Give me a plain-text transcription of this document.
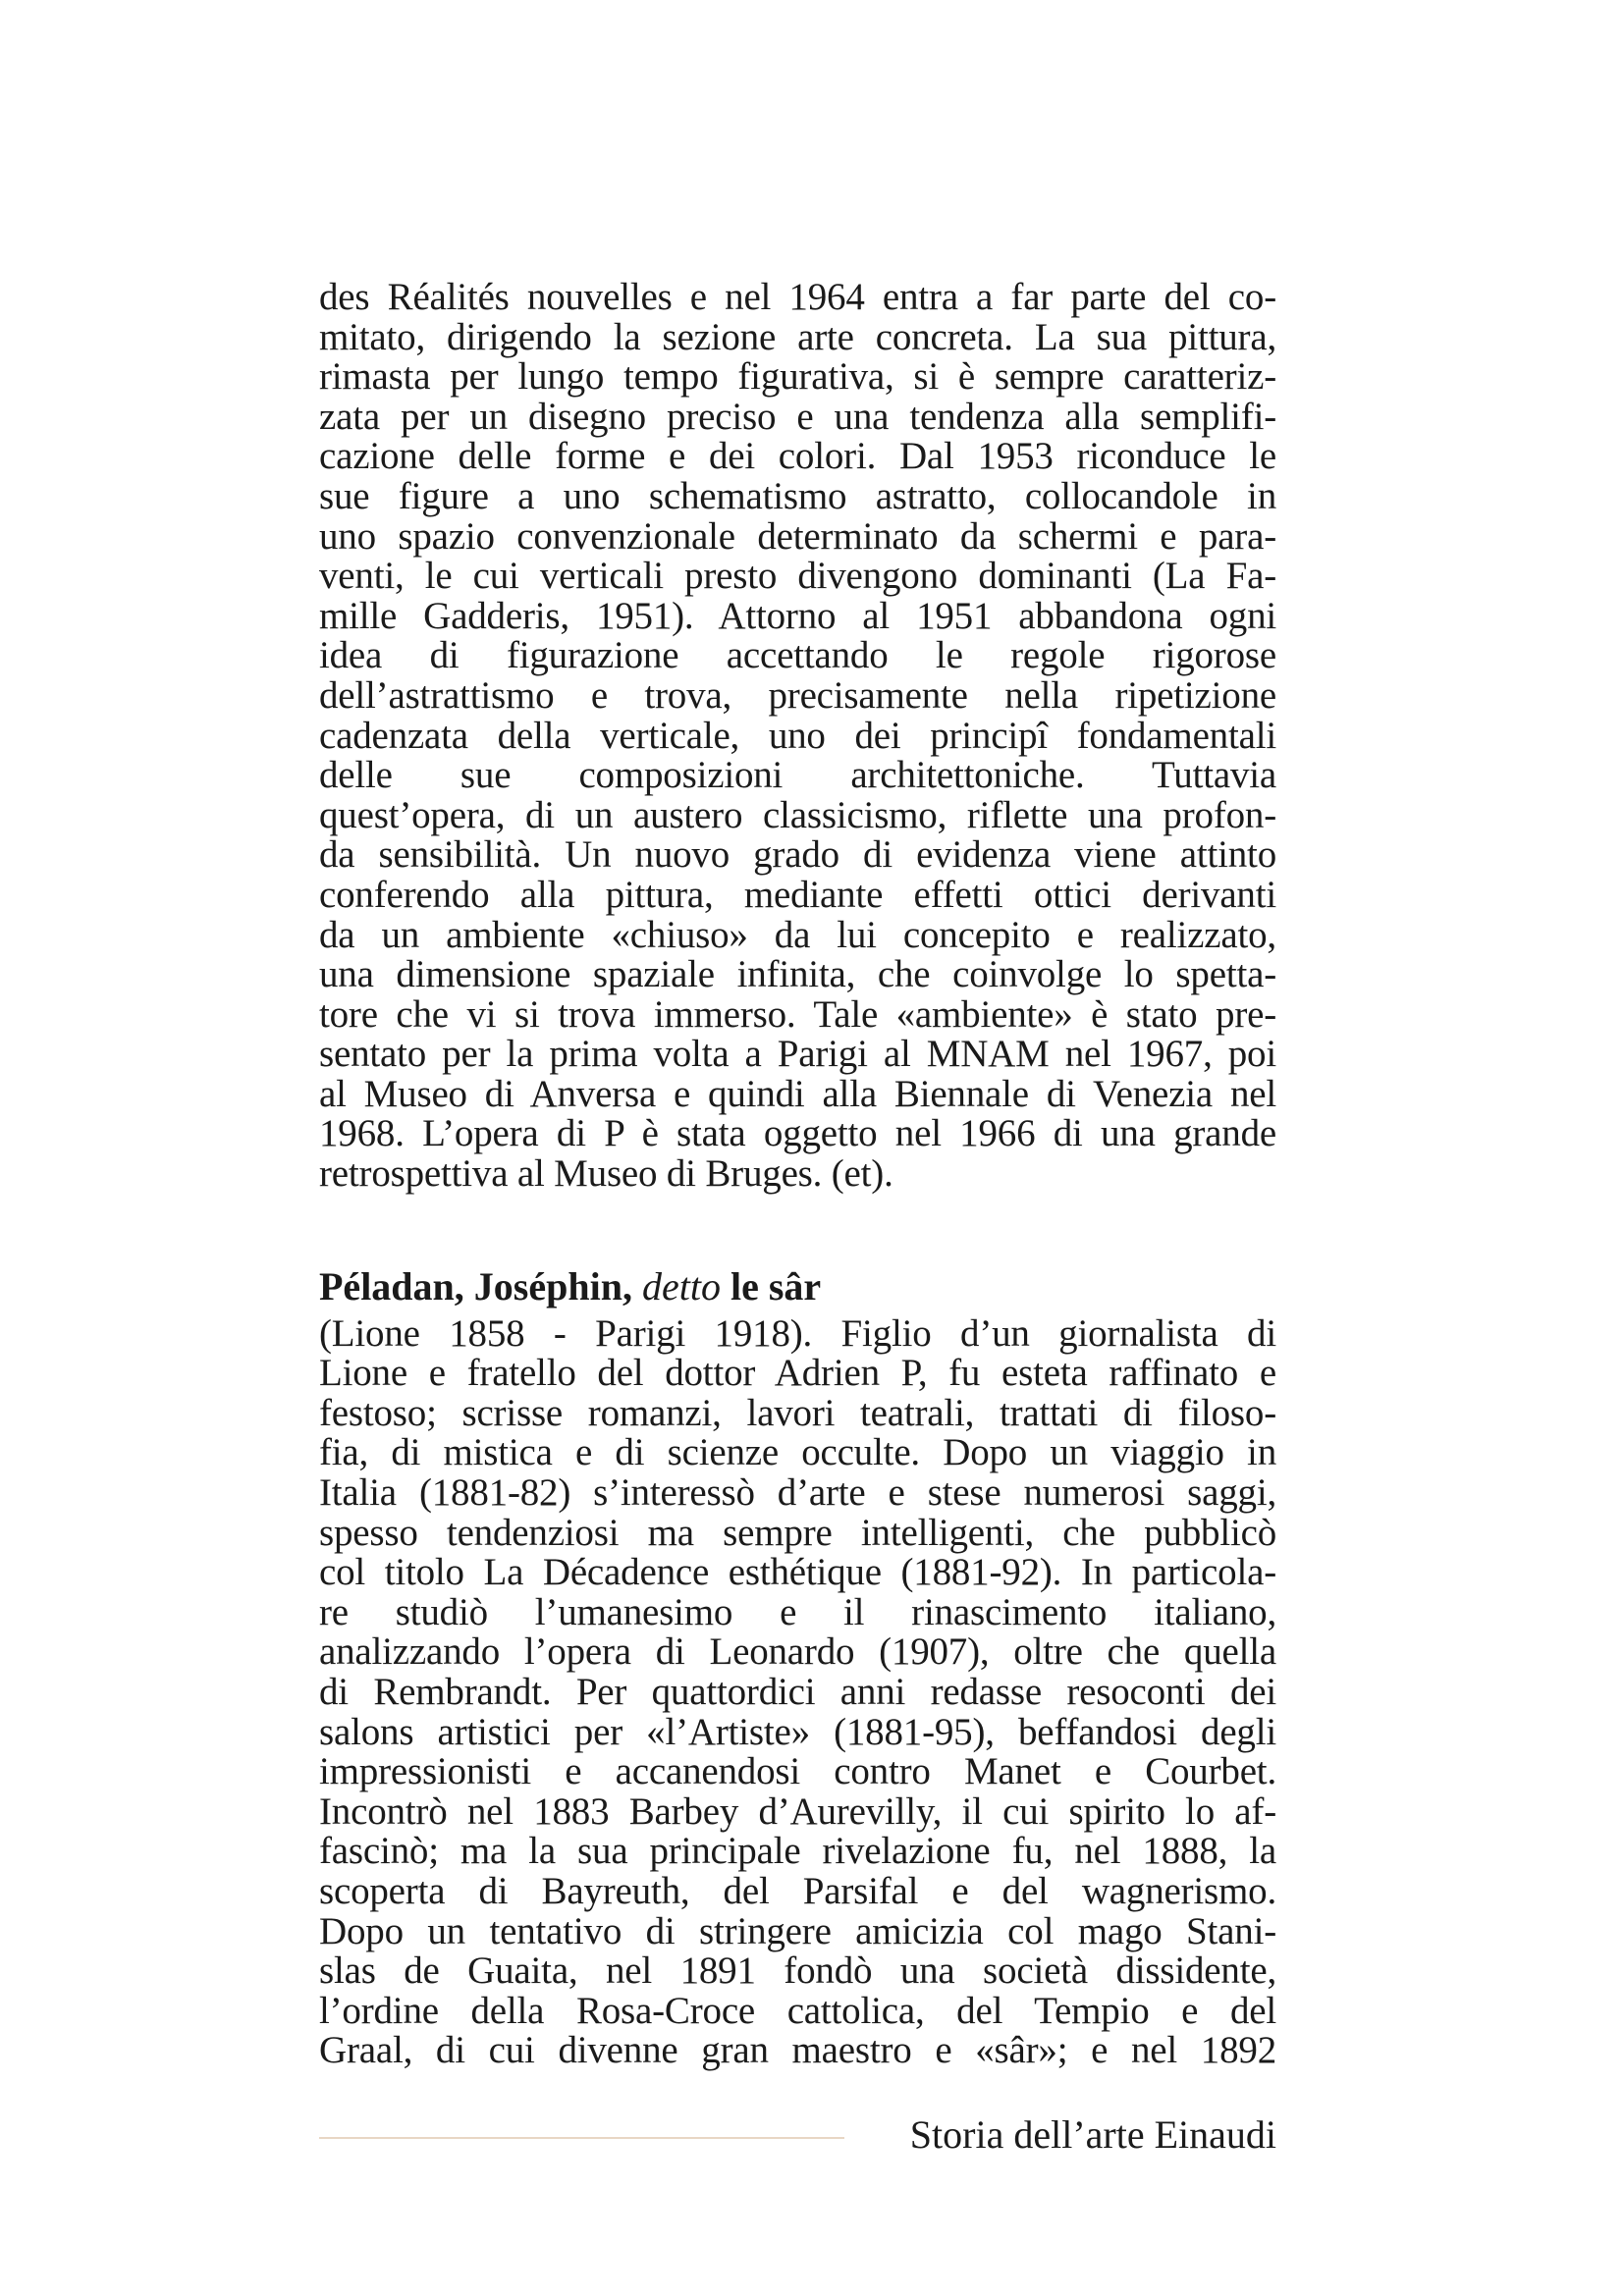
des Réalités nouvelles e nel 1964 entra a far parte del co-
mitato, dirigendo la sezione arte concreta. La sua pittura,
rimasta per lungo tempo figurativa, si è sempre caratteriz-
zata per un disegno preciso e una tendenza alla semplifi-
cazione delle forme e dei colori. Dal 1953 riconduce le
sue figure a uno schematismo astratto, collocandole in
uno spazio convenzionale determinato da schermi e para-
venti, le cui verticali presto divengono dominanti (La Fa-
mille Gadderis, 1951). Attorno al 1951 abbandona ogni
idea di figurazione accettando le regole rigorose
dell’astrattismo e trova, precisamente nella ripetizione
cadenzata della verticale, uno dei principî fondamentali
delle sue composizioni architettoniche. Tuttavia
quest’opera, di un austero classicismo, riflette una profon-
da sensibilità. Un nuovo grado di evidenza viene attinto
conferendo alla pittura, mediante effetti ottici derivanti
da un ambiente «chiuso» da lui concepito e realizzato,
una dimensione spaziale infinita, che coinvolge lo spetta-
tore che vi si trova immerso. Tale «ambiente» è stato pre-
sentato per la prima volta a Parigi al MNAM nel 1967, poi
al Museo di Anversa e quindi alla Biennale di Venezia nel
1968. L’opera di P è stata oggetto nel 1966 di una grande
retrospettiva al Museo di Bruges. (et).
Péladan, Joséphin, detto le sâr
(Lione 1858 - Parigi 1918). Figlio d’un giornalista di
Lione e fratello del dottor Adrien P, fu esteta raffinato e
festoso; scrisse romanzi, lavori teatrali, trattati di filoso-
fia, di mistica e di scienze occulte. Dopo un viaggio in
Italia (1881-82) s’interessò d’arte e stese numerosi saggi,
spesso tendenziosi ma sempre intelligenti, che pubblicò
col titolo La Décadence esthétique (1881-92). In particola-
re studiò l’umanesimo e il rinascimento italiano,
analizzando l’opera di Leonardo (1907), oltre che quella
di Rembrandt. Per quattordici anni redasse resoconti dei
salons artistici per «l’Artiste» (1881-95), beffandosi degli
impressionisti e accanendosi contro Manet e Courbet.
Incontrò nel 1883 Barbey d’Aurevilly, il cui spirito lo af-
fascinò; ma la sua principale rivelazione fu, nel 1888, la
scoperta di Bayreuth, del Parsifal e del wagnerismo.
Dopo un tentativo di stringere amicizia col mago Stani-
slas de Guaita, nel 1891 fondò una società dissidente,
l’ordine della Rosa-Croce cattolica, del Tempio e del
Graal, di cui divenne gran maestro e «sâr»; e nel 1892
Storia dell’arte Einaudi
